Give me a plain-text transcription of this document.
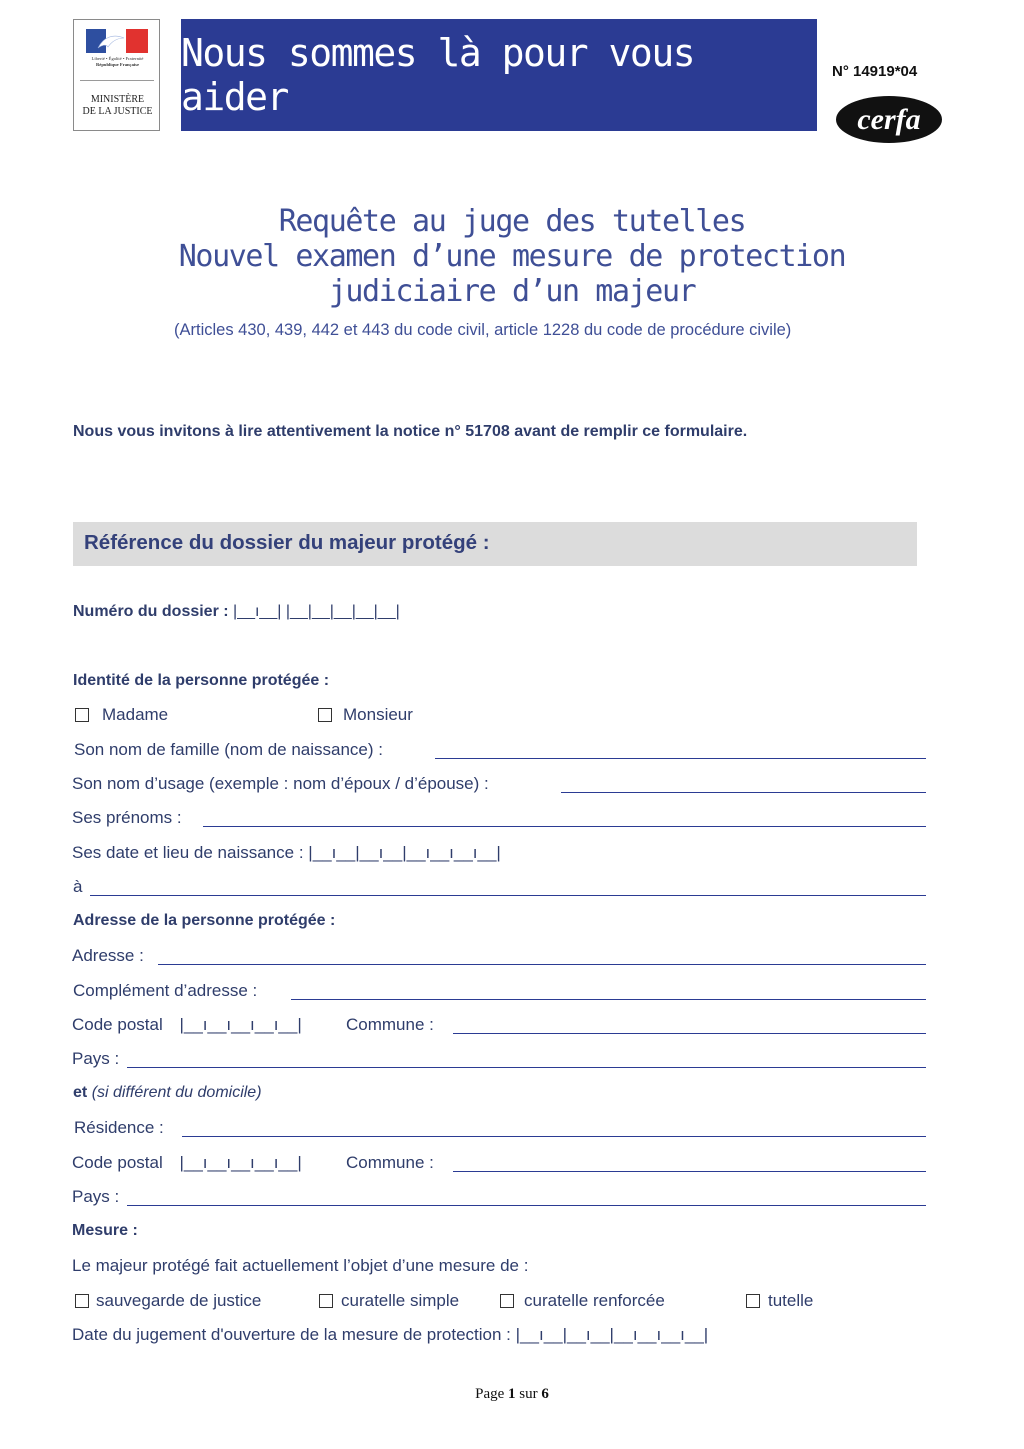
Liberté • Égalité • Fraternité
République Française
MINISTÈRE
DE LA JUSTICE
Nous sommes là pour vous aider
N° 14919*04
cerfa
Requête au juge des tutelles
Nouvel examen d’une mesure de protection
judiciaire d’un majeur
(Articles 430, 439, 442 et 443 du code civil, article 1228 du code de procédure civile)
Nous vous invitons à lire attentivement la notice n° 51708 avant de remplir ce formulaire.
Référence du dossier du majeur protégé :
Numéro du dossier : |__ı__| |__|__|__|__|__|
Identité de la personne protégée :
Madame	Monsieur
Son nom de famille (nom de naissance) :
Son nom d’usage (exemple : nom d’époux / d’épouse) :
Ses prénoms :
Ses date et lieu de naissance : |__ı__|__ı__|__ı__ı__ı__|
à
Adresse de la personne protégée :
Adresse :
Complément d’adresse :
Code postal |__ı__ı__ı__ı__|	Commune :
Pays :
et (si différent du domicile)
Résidence :
Code postal |__ı__ı__ı__ı__|	Commune :
Pays :
Mesure :
Le majeur protégé fait actuellement l’objet d’une mesure de :
sauvegarde de justice	curatelle simple	curatelle renforcée	tutelle
Date du jugement d'ouverture de la mesure de protection : |__ı__|__ı__|__ı__ı__ı__|
Page 1 sur 6
